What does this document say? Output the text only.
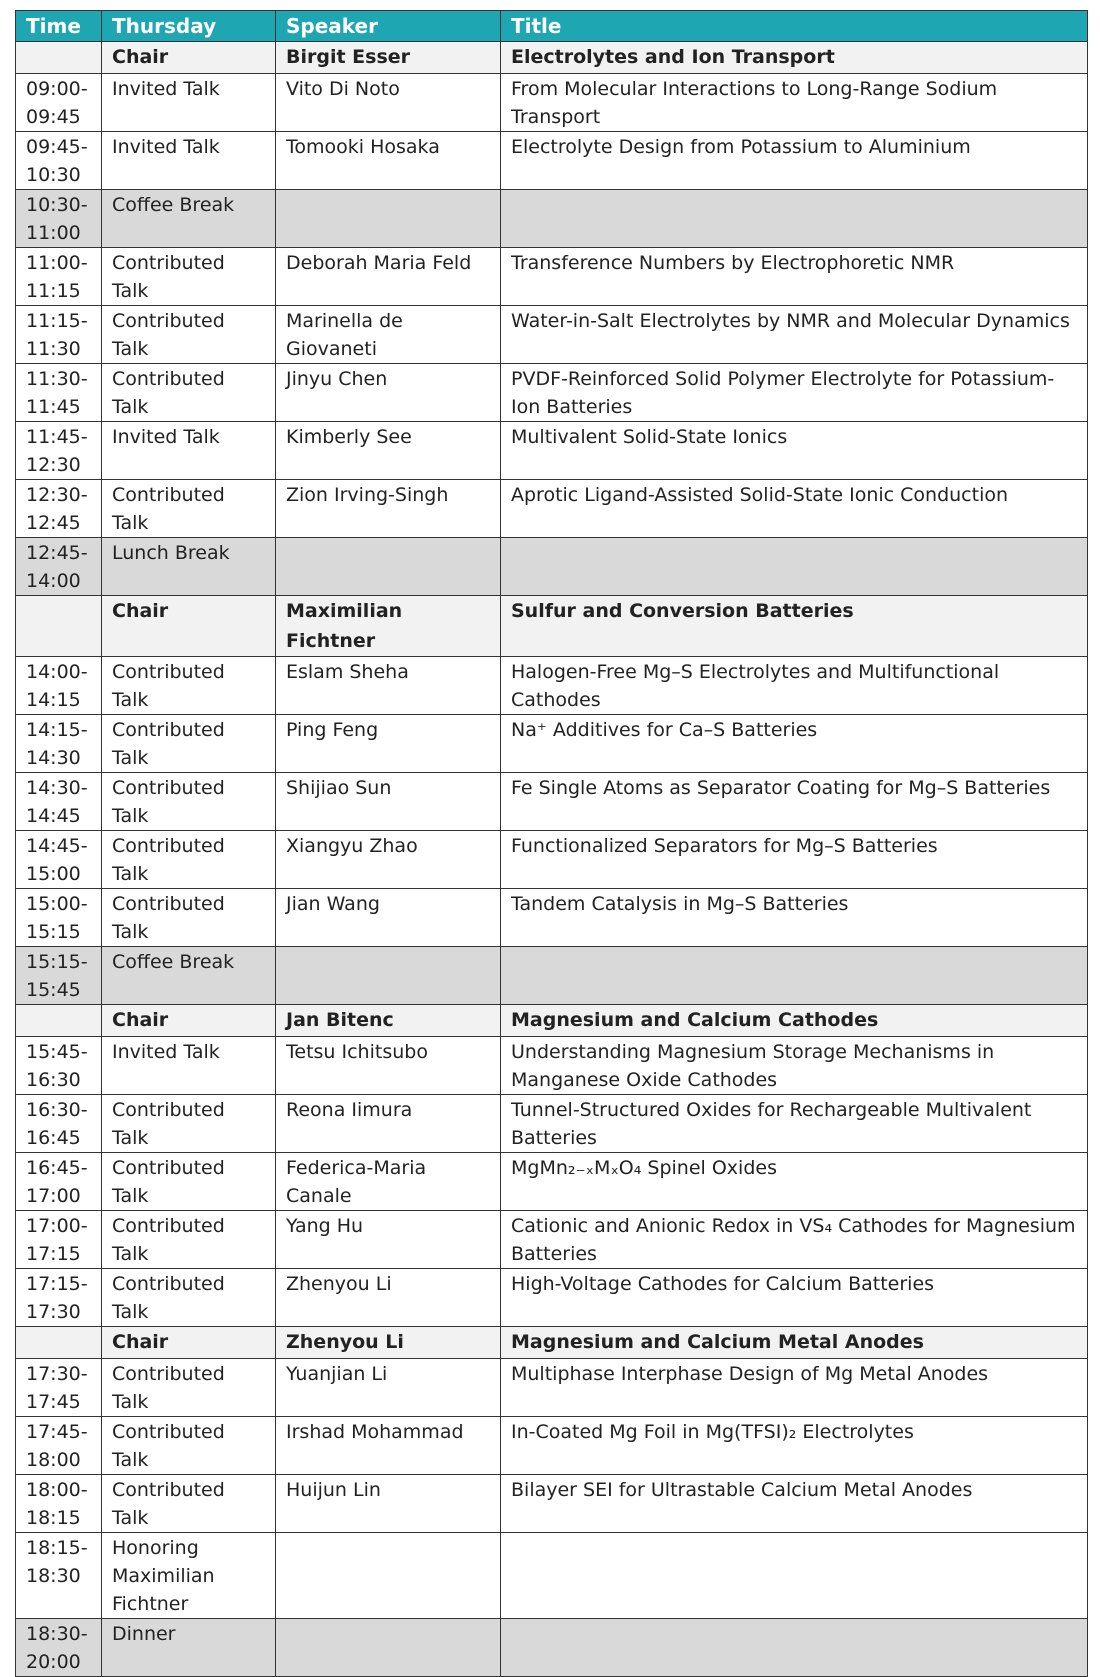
Time	Thursday	Speaker	Title
	Chair	Birgit Esser	Electrolytes and Ion Transport
09:00-
09:45	Invited Talk	Vito Di Noto	From Molecular Interactions to Long-Range Sodium Transport
09:45-
10:30	Invited Talk	Tomooki Hosaka	Electrolyte Design from Potassium to Aluminium
10:30-
11:00	Coffee Break		
11:00-
11:15	Contributed Talk	Deborah Maria Feld	Transference Numbers by Electrophoretic NMR
11:15-
11:30	Contributed Talk	Marinella de Giovaneti	Water-in-Salt Electrolytes by NMR and Molecular Dynamics
11:30-
11:45	Contributed Talk	Jinyu Chen	PVDF-Reinforced Solid Polymer Electrolyte for Potassium-Ion Batteries
11:45-
12:30	Invited Talk	Kimberly See	Multivalent Solid-State Ionics
12:30-
12:45	Contributed Talk	Zion Irving-Singh	Aprotic Ligand-Assisted Solid-State Ionic Conduction
12:45-
14:00	Lunch Break		
	Chair	Maximilian Fichtner	Sulfur and Conversion Batteries
14:00-
14:15	Contributed Talk	Eslam Sheha	Halogen-Free Mg–S Electrolytes and Multifunctional Cathodes
14:15-
14:30	Contributed Talk	Ping Feng	Na⁺ Additives for Ca–S Batteries
14:30-
14:45	Contributed Talk	Shijiao Sun	Fe Single Atoms as Separator Coating for Mg–S Batteries
14:45-
15:00	Contributed Talk	Xiangyu Zhao	Functionalized Separators for Mg–S Batteries
15:00-
15:15	Contributed Talk	Jian Wang	Tandem Catalysis in Mg–S Batteries
15:15-
15:45	Coffee Break		
	Chair	Jan Bitenc	Magnesium and Calcium Cathodes
15:45-
16:30	Invited Talk	Tetsu Ichitsubo	Understanding Magnesium Storage Mechanisms in Manganese Oxide Cathodes
16:30-
16:45	Contributed Talk	Reona Iimura	Tunnel-Structured Oxides for Rechargeable Multivalent Batteries
16:45-
17:00	Contributed Talk	Federica-Maria Canale	MgMn₂₋ₓMₓO₄ Spinel Oxides
17:00-
17:15	Contributed Talk	Yang Hu	Cationic and Anionic Redox in VS₄ Cathodes for Magnesium Batteries
17:15-
17:30	Contributed Talk	Zhenyou Li	High-Voltage Cathodes for Calcium Batteries
	Chair	Zhenyou Li	Magnesium and Calcium Metal Anodes
17:30-
17:45	Contributed Talk	Yuanjian Li	Multiphase Interphase Design of Mg Metal Anodes
17:45-
18:00	Contributed Talk	Irshad Mohammad	In-Coated Mg Foil in Mg(TFSI)₂ Electrolytes
18:00-
18:15	Contributed Talk	Huijun Lin	Bilayer SEI for Ultrastable Calcium Metal Anodes
18:15-
18:30	Honoring Maximilian Fichtner		
18:30-
20:00	Dinner		
